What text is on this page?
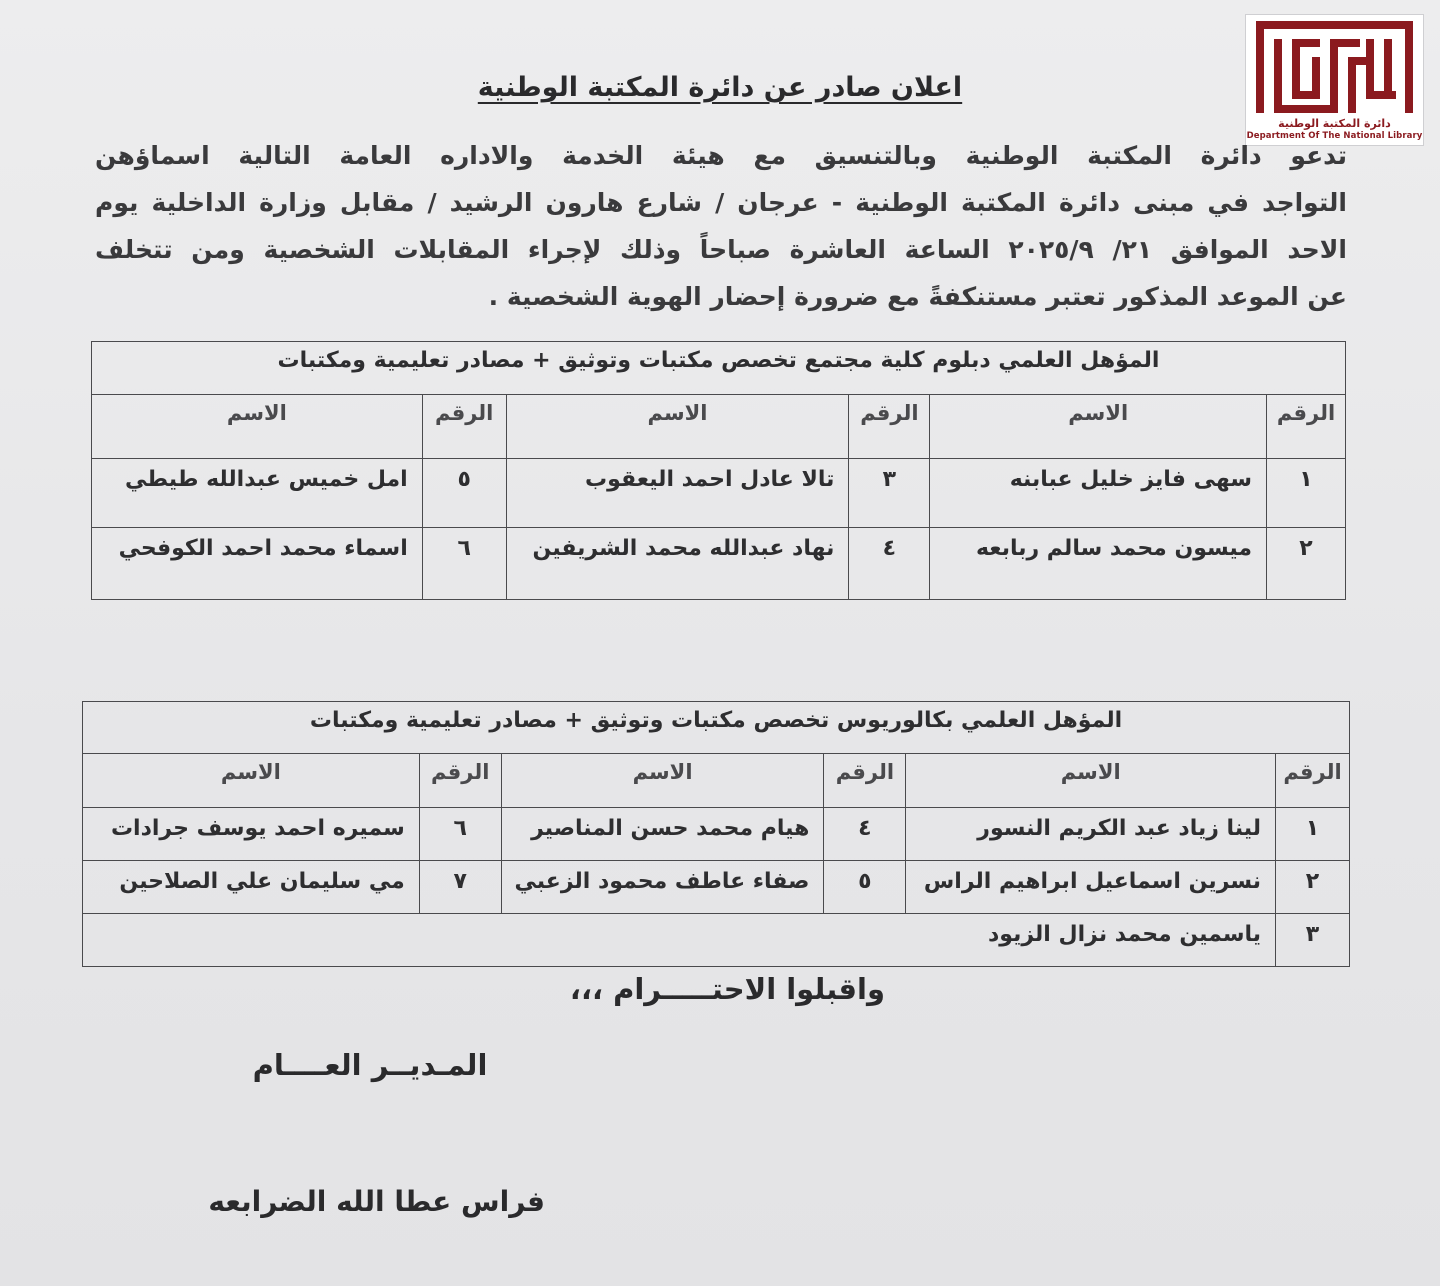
دائرة المكتبة الوطنية
Department Of The National Library
اعلان صادر عن دائرة المكتبة الوطنية
تدعو دائرة المكتبة الوطنية وبالتنسيق مع هيئة الخدمة والاداره العامة التالية اسماؤهن
التواجد في مبنى دائرة المكتبة الوطنية - عرجان / شارع هارون الرشيد / مقابل وزارة الداخلية يوم
الاحد الموافق ٢١/ ٢٠٢٥/٩ الساعة العاشرة صباحاً وذلك لإجراء المقابلات الشخصية ومن تتخلف
عن الموعد المذكور تعتبر مستنكفةً مع ضرورة إحضار الهوية الشخصية .
المؤهل العلمي دبلوم كلية مجتمع تخصص مكتبات وتوثيق + مصادر تعليمية ومكتبات					
الرقم	الاسم	الرقم	الاسم	الرقم	الاسم
١	سهى فايز خليل عبابنه	٣	تالا عادل احمد اليعقوب	٥	امل خميس عبدالله طيطي
٢	ميسون محمد سالم ربابعه	٤	نهاد عبدالله محمد الشريفين	٦	اسماء محمد احمد الكوفحي
المؤهل العلمي بكالوريوس تخصص مكتبات وتوثيق + مصادر تعليمية ومكتبات					
الرقم	الاسم	الرقم	الاسم	الرقم	الاسم
١	لينا زياد عبد الكريم النسور	٤	هيام محمد حسن المناصير	٦	سميره احمد يوسف جرادات
٢	نسرين اسماعيل ابراهيم الراس	٥	صفاء عاطف محمود الزعبي	٧	مي سليمان علي الصلاحين
٣	ياسمين محمد نزال الزيود				
واقبلوا الاحتـــــرام ،،،
المـديــر العــــام
فراس عطا الله الضرابعه
